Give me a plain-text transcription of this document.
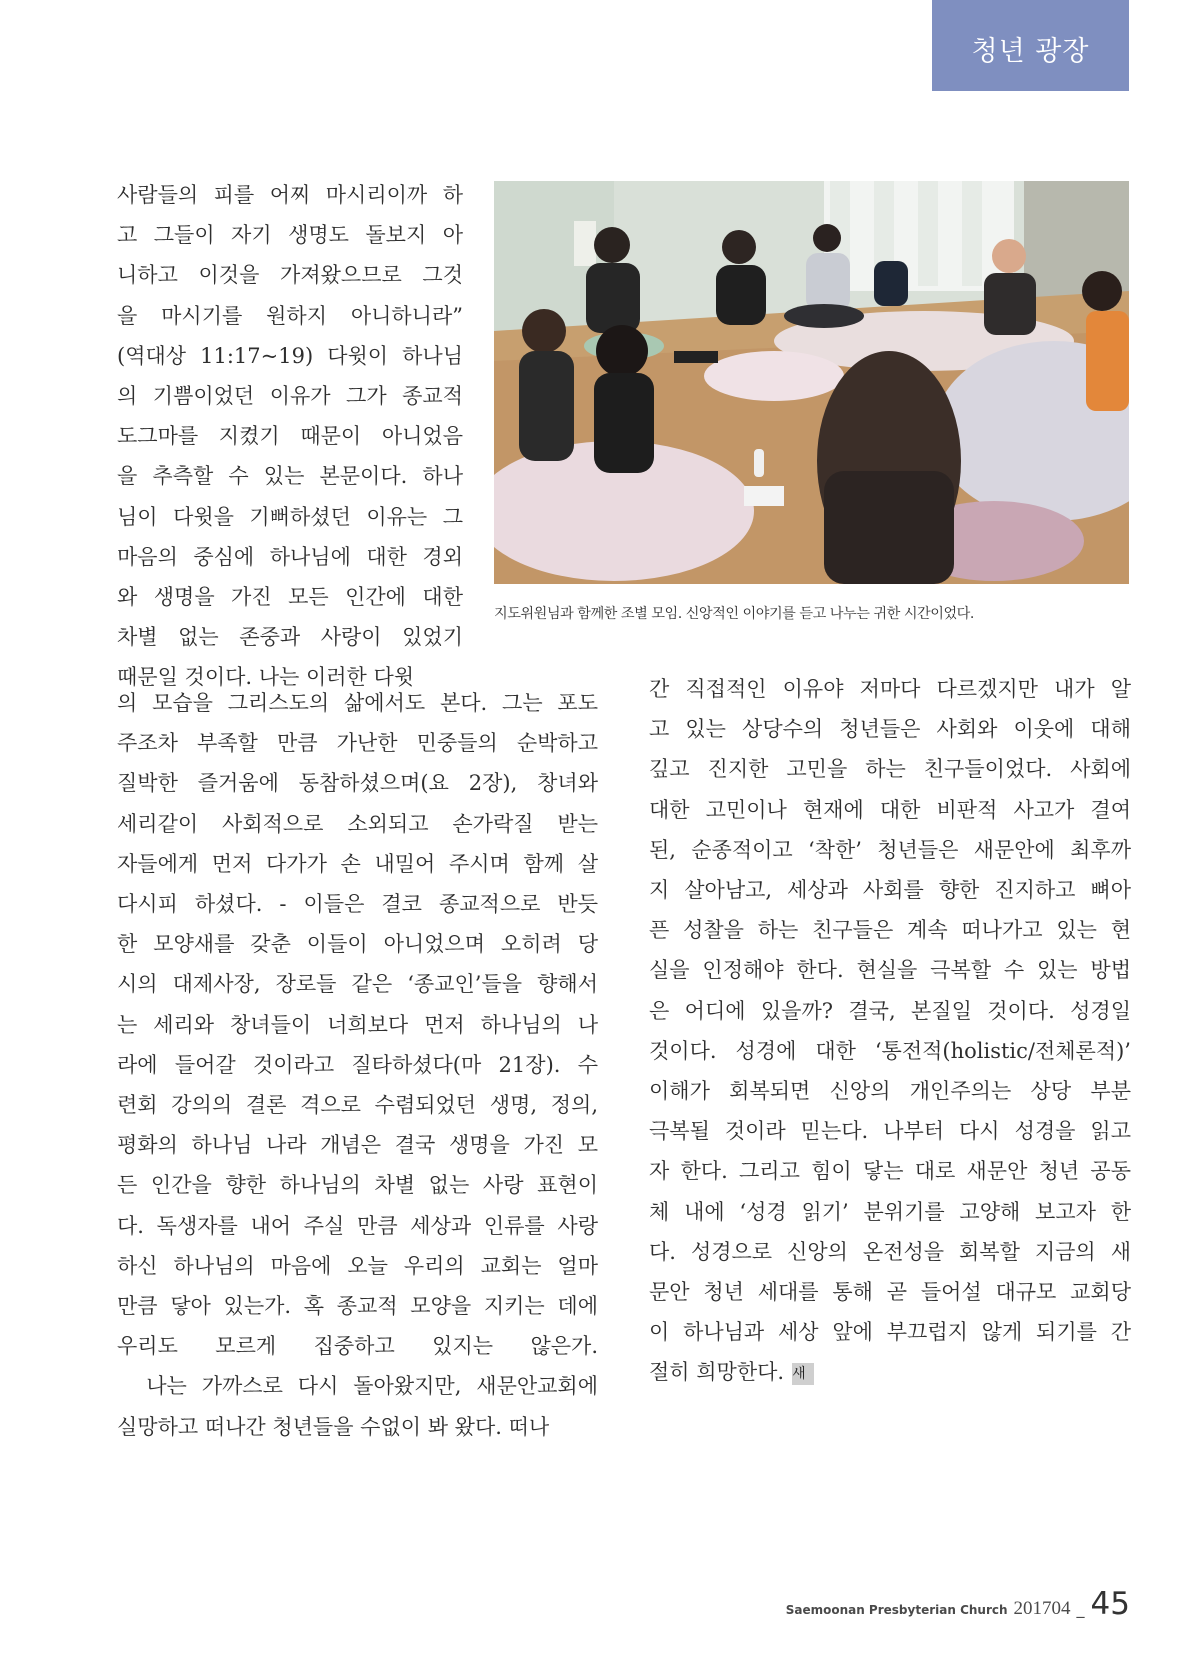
청년 광장
사람들의 피를 어찌 마시리이까 하
고 그들이 자기 생명도 돌보지 아
니하고 이것을 가져왔으므로 그것
을 마시기를 원하지 아니하니라”
(역대상 11:17~19) 다윗이 하나님
의 기쁨이었던 이유가 그가 종교적
도그마를 지켰기 때문이 아니었음
을 추측할 수 있는 본문이다. 하나
님이 다윗을 기뻐하셨던 이유는 그
마음의 중심에 하나님에 대한 경외
와 생명을 가진 모든 인간에 대한
차별 없는 존중과 사랑이 있었기
때문일 것이다. 나는 이러한 다윗
지도위원님과 함께한 조별 모임. 신앙적인 이야기를 듣고 나누는 귀한 시간이었다.
의 모습을 그리스도의 삶에서도 본다. 그는 포도
주조차 부족할 만큼 가난한 민중들의 순박하고
질박한 즐거움에 동참하셨으며(요 2장), 창녀와
세리같이 사회적으로 소외되고 손가락질 받는
자들에게 먼저 다가가 손 내밀어 주시며 함께 살
다시피 하셨다. - 이들은 결코 종교적으로 반듯
한 모양새를 갖춘 이들이 아니었으며 오히려 당
시의 대제사장, 장로들 같은 ‘종교인’들을 향해서
는 세리와 창녀들이 너희보다 먼저 하나님의 나
라에 들어갈 것이라고 질타하셨다(마 21장). 수
련회 강의의 결론 격으로 수렴되었던 생명, 정의,
평화의 하나님 나라 개념은 결국 생명을 가진 모
든 인간을 향한 하나님의 차별 없는 사랑 표현이
다. 독생자를 내어 주실 만큼 세상과 인류를 사랑
하신 하나님의 마음에 오늘 우리의 교회는 얼마
만큼 닿아 있는가. 혹 종교적 모양을 지키는 데에
우리도 모르게 집중하고 있지는 않은가.
　나는 가까스로 다시 돌아왔지만, 새문안교회에
실망하고 떠나간 청년들을 수없이 봐 왔다. 떠나
간 직접적인 이유야 저마다 다르겠지만 내가 알
고 있는 상당수의 청년들은 사회와 이웃에 대해
깊고 진지한 고민을 하는 친구들이었다. 사회에
대한 고민이나 현재에 대한 비판적 사고가 결여
된, 순종적이고 ‘착한’ 청년들은 새문안에 최후까
지 살아남고, 세상과 사회를 향한 진지하고 뼈아
픈 성찰을 하는 친구들은 계속 떠나가고 있는 현
실을 인정해야 한다. 현실을 극복할 수 있는 방법
은 어디에 있을까? 결국, 본질일 것이다. 성경일
것이다. 성경에 대한 ‘통전적(holistic/전체론적)’
이해가 회복되면 신앙의 개인주의는 상당 부분
극복될 것이라 믿는다. 나부터 다시 성경을 읽고
자 한다. 그리고 힘이 닿는 대로 새문안 청년 공동
체 내에 ‘성경 읽기’ 분위기를 고양해 보고자 한
다. 성경으로 신앙의 온전성을 회복할 지금의 새
문안 청년 세대를 통해 곧 들어설 대규모 교회당
이 하나님과 세상 앞에 부끄럽지 않게 되기를 간
절히 희망한다. 새
Saemoonan Presbyterian Church 201704 _ 45
